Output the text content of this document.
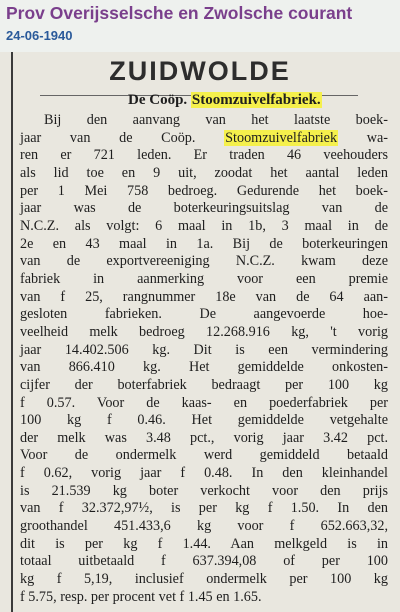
Prov Overijsselsche en Zwolsche courant
24-06-1940
ZUIDWOLDE
De Coöp. Stoomzuivelfabriek.
Bij den aanvang van het laatste boek-
jaar van de Coöp. Stoomzuivelfabriek wa-
ren er 721 leden. Er traden 46 veehouders
als lid toe en 9 uit, zoodat het aantal leden
per 1 Mei 758 bedroeg. Gedurende het boek-
jaar was de boterkeuringsuitslag van de
N.C.Z. als volgt: 6 maal in 1b, 3 maal in de
2e en 43 maal in 1a. Bij de boterkeuringen
van de exportvereeniging N.C.Z. kwam deze
fabriek in aanmerking voor een premie
van f 25, rangnummer 18e van de 64 aan-
gesloten fabrieken. De aangevoerde hoe-
veelheid melk bedroeg 12.268.916 kg, 't vorig
jaar 14.402.506 kg. Dit is een vermindering
van 866.410 kg. Het gemiddelde onkosten-
cijfer der boterfabriek bedraagt per 100 kg
f 0.57. Voor de kaas- en poederfabriek per
100 kg f 0.46. Het gemiddelde vetgehalte
der melk was 3.48 pct., vorig jaar 3.42 pct.
Voor de ondermelk werd gemiddeld betaald
f 0.62, vorig jaar f 0.48. In den kleinhandel
is 21.539 kg boter verkocht voor den prijs
van f 32.372,97½, is per kg f 1.50. In den
groothandel 451.433,6 kg voor f 652.663,32,
dit is per kg f 1.44. Aan melkgeld is in
totaal uitbetaald f 637.394,08 of per 100
kg f 5,19, inclusief ondermelk per 100 kg
f 5.75, resp. per procent vet f 1.45 en 1.65.
